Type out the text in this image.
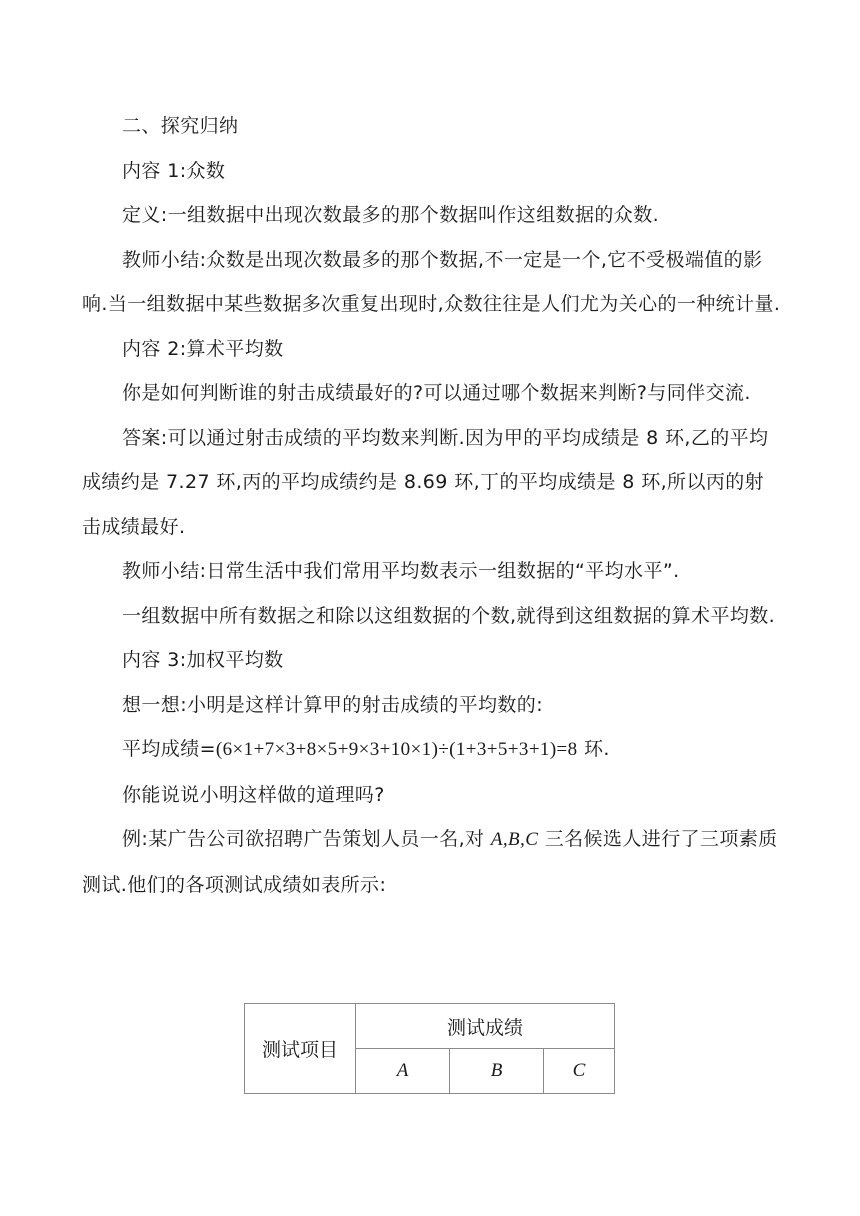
二、探究归纳

内容 1:众数

定义:一组数据中出现次数最多的那个数据叫作这组数据的众数.

教师小结:众数是出现次数最多的那个数据,不一定是一个,它不受极端值的影响.当一组数据中某些数据多次重复出现时,众数往往是人们尤为关心的一种统计量.

内容 2:算术平均数

你是如何判断谁的射击成绩最好的?可以通过哪个数据来判断?与同伴交流.

答案:可以通过射击成绩的平均数来判断.因为甲的平均成绩是 8 环,乙的平均成绩约是 7.27 环,丙的平均成绩约是 8.69 环,丁的平均成绩是 8 环,所以丙的射击成绩最好.

教师小结:日常生活中我们常用平均数表示一组数据的“平均水平”.

一组数据中所有数据之和除以这组数据的个数,就得到这组数据的算术平均数.

内容 3:加权平均数

想一想:小明是这样计算甲的射击成绩的平均数的:

平均成绩=(6×1+7×3+8×5+9×3+10×1)÷(1+3+5+3+1)=8 环.

你能说说小明这样做的道理吗?

例:某广告公司欲招聘广告策划人员一名,对 A,B,C 三名候选人进行了三项素质测试.他们的各项测试成绩如表所示:

测试项目	测试成绩		
	A	B	C
